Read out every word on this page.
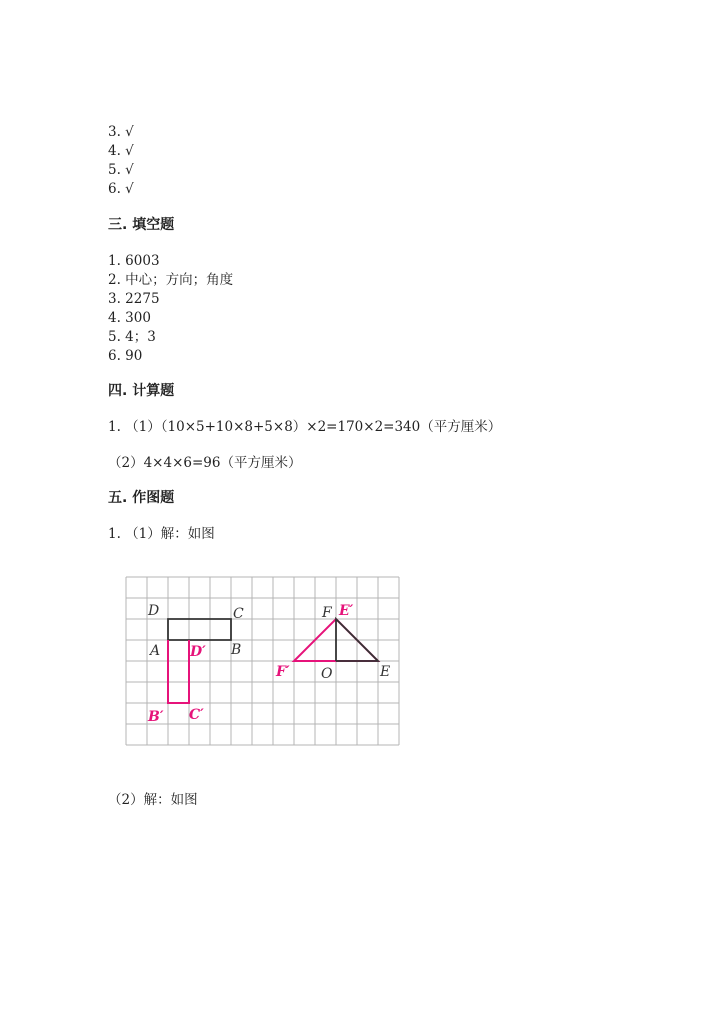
3. √
4. √
5. √
6. √
三. 填空题
1. 6003
2. 中心；方向；角度
3. 2275
4. 300
5. 4；3
6. 90
四. 计算题
1. （1）（10×5+10×8+5×8）×2=170×2=340（平方厘米）
（2）4×4×6=96（平方厘米）
五. 作图题
1. （1）解：如图
D	C
A	B
D′
B′ C′
F E′
F′ O	E
（2）解：如图
